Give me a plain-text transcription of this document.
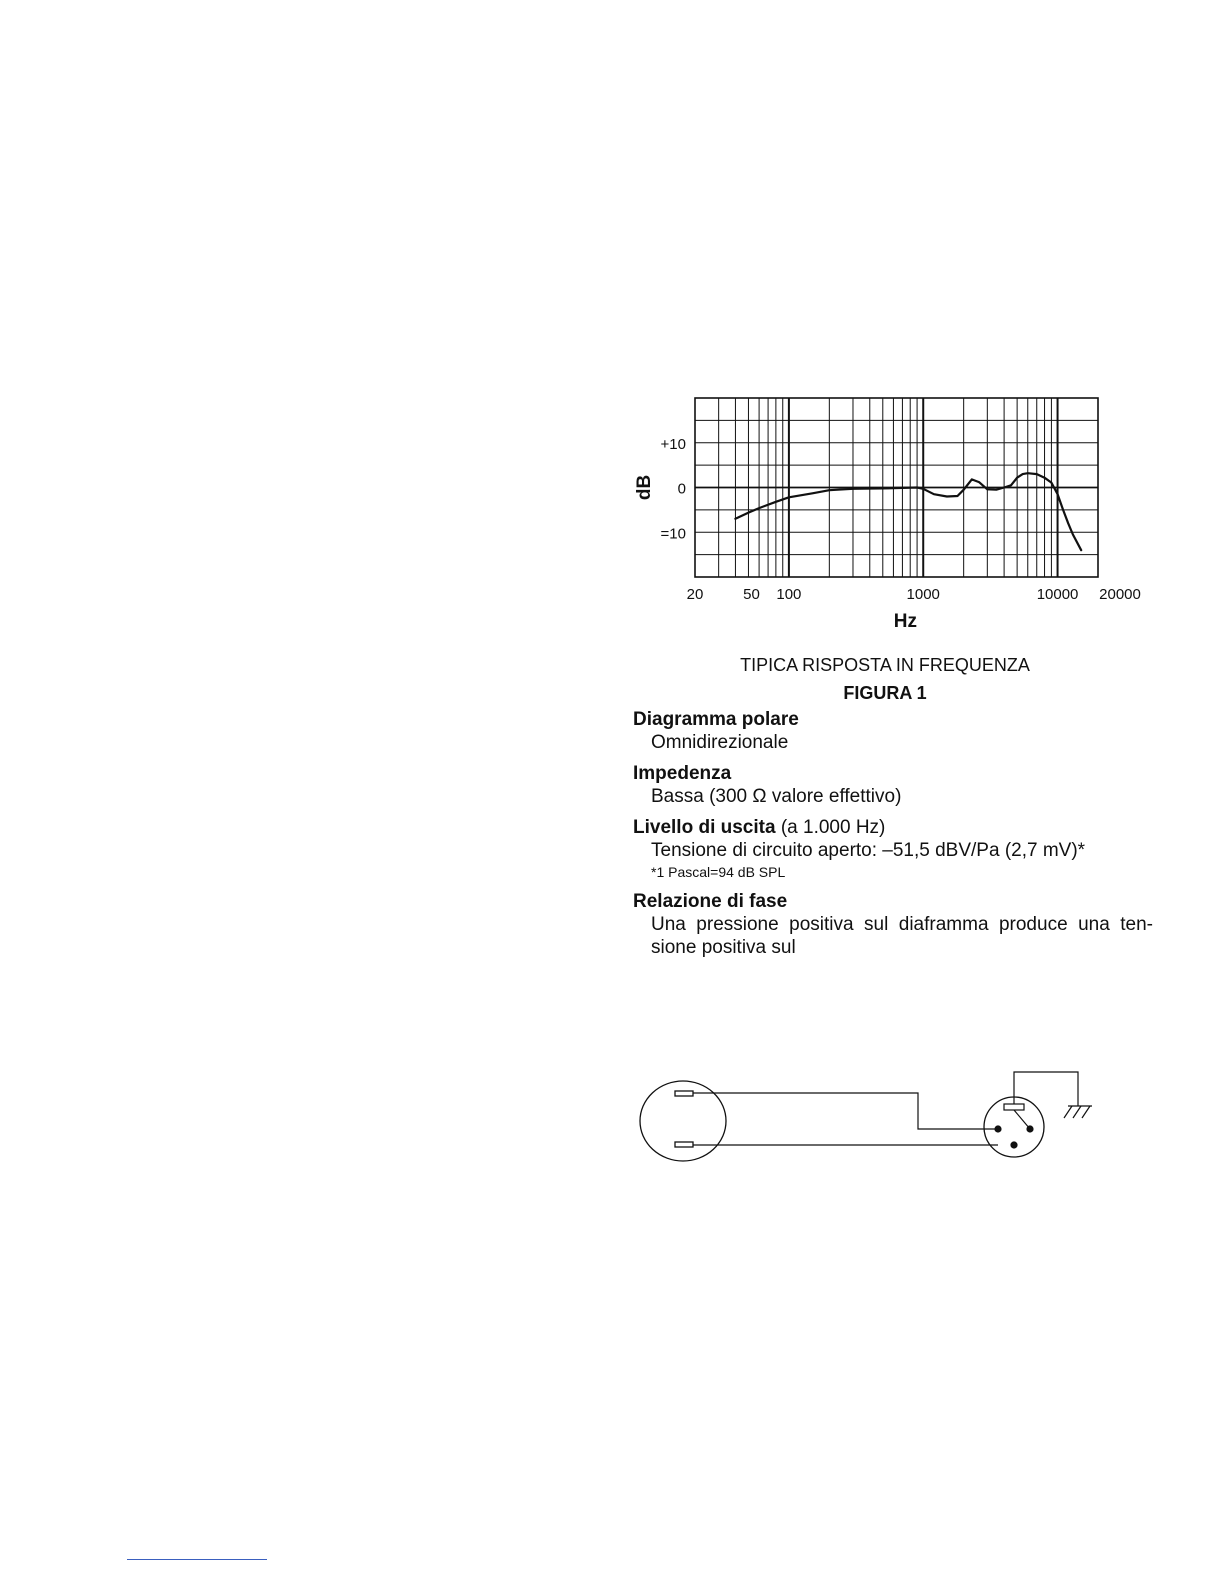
20	50 100	1000	10000 20000
+10
0
=10
Hz
dB
TIPICA RISPOSTA IN FREQUENZA
FIGURA 1
Diagramma polare
Omnidirezionale
Impedenza
Bassa (300 Ω valore effettivo)
Livello di uscita (a 1.000 Hz)
Tensione di circuito aperto: –51,5 dBV/Pa (2,7 mV)*
*1 Pascal=94 dB SPL
Relazione di fase
Una pressione positiva sul diaframma produce una ten- sione positiva sul
